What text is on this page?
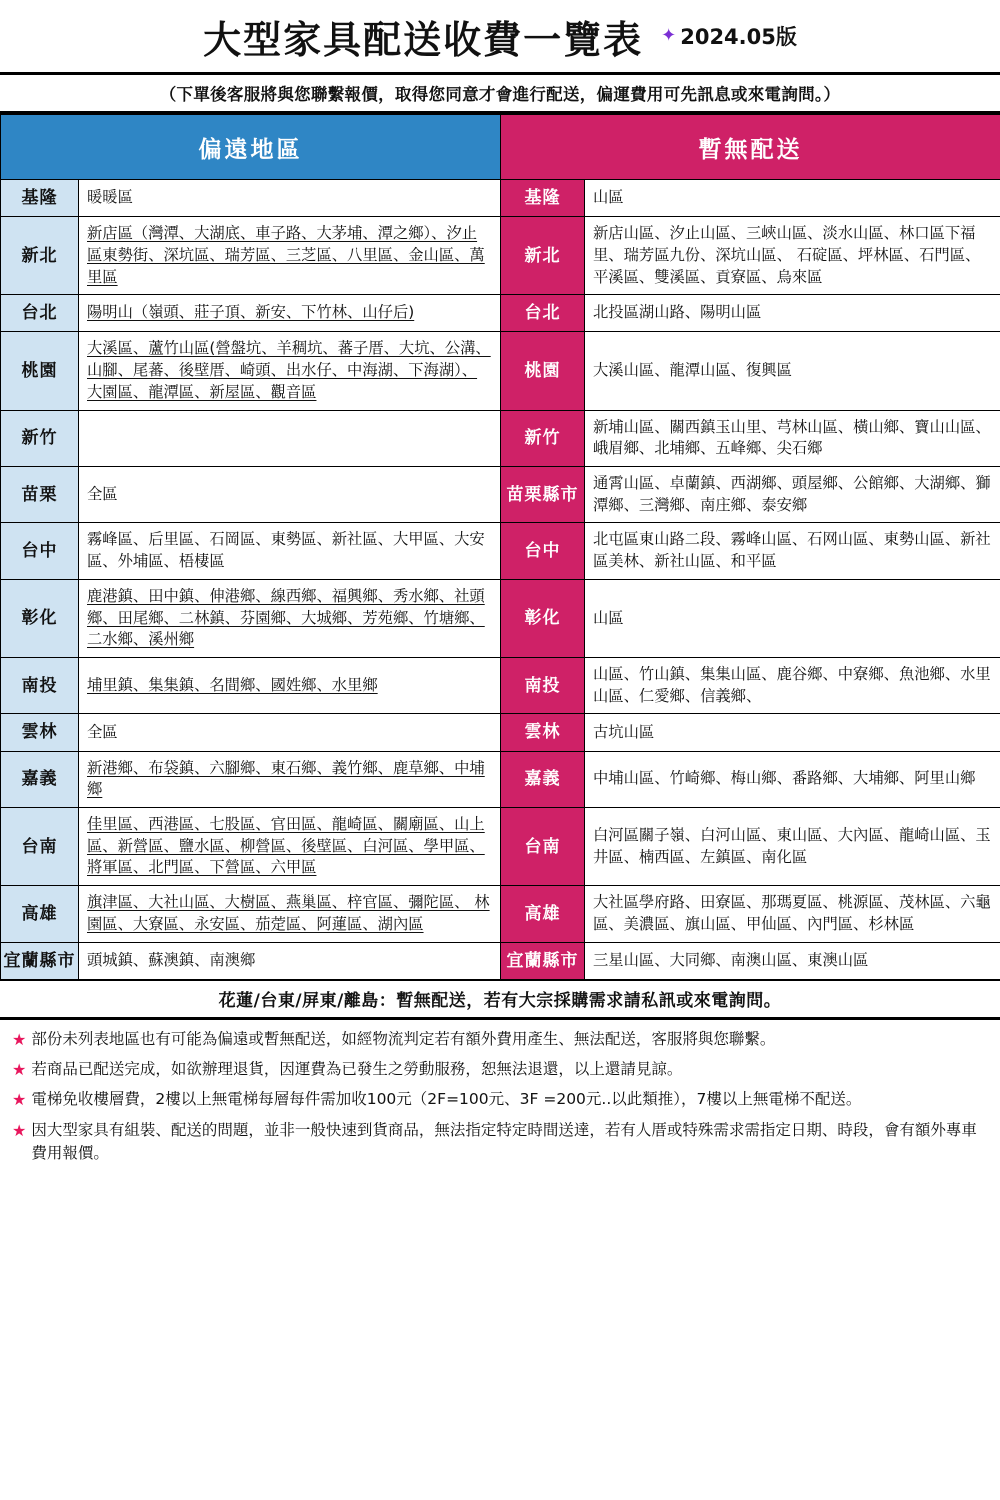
大型家具配送收費一覽表 ✦ 2024.05版
（下單後客服將與您聯繫報價，取得您同意才會進行配送，偏運費用可先訊息或來電詢問。）
偏遠地區		暫無配送	
基隆	暖暖區	基隆	山區
新北	新店區（灣潭、大湖底、車子路、大茅埔、潭之鄉）、汐止區東勢街、深坑區、瑞芳區、三芝區、八里區、金山區、萬里區	新北	新店山區、汐止山區、三峽山區、淡水山區、林口區下福里、瑞芳區九份、深坑山區、 石碇區、坪林區、石門區、平溪區、雙溪區、貢寮區、烏來區
台北	陽明山（嶺頭、莊子頂、新安、下竹林、山仔后)	台北	北投區湖山路、陽明山區
桃園	大溪區、蘆竹山區(營盤坑、羊稠坑、蕃子厝、大坑、公溝、山腳、尾蕃、後壁厝、崎頭、出水仔、中海湖、下海湖）、大園區、龍潭區、新屋區、觀音區	桃園	大溪山區、龍潭山區、復興區
新竹		新竹	新埔山區、關西鎮玉山里、芎林山區、橫山鄉、寶山山區、峨眉鄉、北埔鄉、五峰鄉、尖石鄉
苗栗	全區	苗栗縣市	通霄山區、卓蘭鎮、西湖鄉、頭屋鄉、公館鄉、大湖鄉、獅潭鄉、三灣鄉、南庄鄉、泰安鄉
台中	霧峰區、后里區、石岡區、東勢區、新社區、大甲區、大安區、外埔區、梧棲區	台中	北屯區東山路二段、霧峰山區、石网山區、東勢山區、新社區美林、新社山區、和平區
彰化	鹿港鎮、田中鎮、伸港鄉、線西鄉、福興鄉、秀水鄉、社頭鄉、田尾鄉、二林鎮、芬園鄉、大城鄉、芳苑鄉、竹塘鄉、二水鄉、溪州鄉	彰化	山區
南投	埔里鎮、集集鎮、名間鄉、國姓鄉、水里鄉	南投	山區、竹山鎮、集集山區、鹿谷鄉、中寮鄉、魚池鄉、水里山區、仁愛鄉、信義鄉、
雲林	全區	雲林	古坑山區
嘉義	新港鄉、布袋鎮、六腳鄉、東石鄉、義竹鄉、鹿草鄉、中埔鄉	嘉義	中埔山區、竹崎鄉、梅山鄉、番路鄉、大埔鄉、阿里山鄉
台南	佳里區、西港區、七股區、官田區、龍崎區、關廟區、山上區、新營區、鹽水區、柳營區、後壁區、白河區、學甲區、將軍區、北門區、下營區、六甲區	台南	白河區關子嶺、白河山區、東山區、大內區、龍崎山區、玉井區、楠西區、左鎮區、南化區
高雄	旗津區、大社山區、大樹區、燕巢區、梓官區、彌陀區、 林園區、大寮區、永安區、茄萣區、阿蓮區、湖內區	高雄	大社區學府路、田寮區、那瑪夏區、桃源區、茂林區、六龜區、美濃區、旗山區、甲仙區、內門區、杉林區
宜蘭縣市	頭城鎮、蘇澳鎮、南澳鄉	宜蘭縣市	三星山區、大同鄉、南澳山區、東澳山區
花蓮/台東/屏東/離島：暫無配送，若有大宗採購需求請私訊或來電詢問。
★ 部份未列表地區也有可能為偏遠或暫無配送，如經物流判定若有額外費用產生、無法配送，客服將與您聯繫。
★ 若商品已配送完成，如欲辦理退貨，因運費為已發生之勞動服務，恕無法退還，以上還請見諒。
★ 電梯免收樓層費，2樓以上無電梯每層每件需加收100元（2F=100元、3F =200元..以此類推），7樓以上無電梯不配送。
★ 因大型家具有組裝、配送的問題，並非一般快速到貨商品，無法指定特定時間送達，若有人厝或特殊需求需指定日期、時段，會有額外專車費用報價。
